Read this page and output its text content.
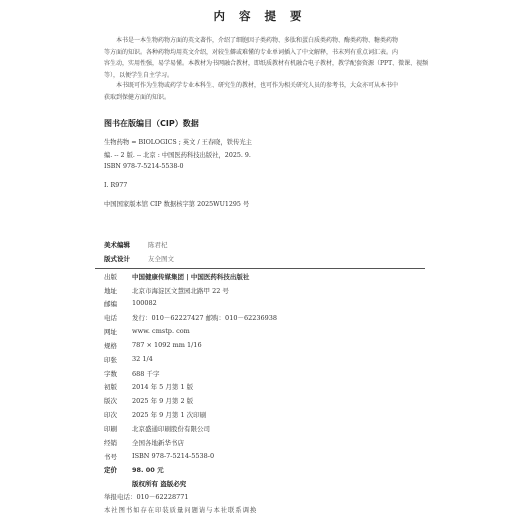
内 容 提 要
本书是一本生物药物方面的英文著作，介绍了细胞因子类药物、多肽和蛋白质类药物、酶类药物、糖类药物
等方面的知识。各种药物均用英文介绍，对较生僻或难懂的专业单词插入了中文解释，书末列有重点词汇表。内
容生动，实用性强，易学易懂。本教材为书网融合教材，即纸质教材有机融合电子教材，教学配套资源（PPT、微课、视频
等），以便学生自主学习。
本书既可作为生物或药学专业本科生、研究生的教材，也可作为相关研究人员的参考书，大众亦可从本书中
获取到保健方面的知识。
图书在版编目（CIP）数据
生物药物 = BIOLOGICS ; 英文 / 王春晓，铁传光主
编. -- 2 版. -- 北京 : 中国医药科技出版社，2025. 9.
ISBN 978-7-5214-5538-0
Ⅰ. R977
中国国家版本馆 CIP 数据核字第 2025WU1295 号
美术编辑	陈君杞
版式设计	友全图文
出版 中国健康传媒集团 | 中国医药科技出版社
地址 北京市海淀区文慧园北路甲 22 号
邮编 100082
电话 发行：010－62227427 邮购：010－62236938
网址 www. cmstp. com
规格 787 × 1092 mm 1/16
印张 32 1/4
字数 688 千字
初版 2014 年 5 月第 1 版
版次 2025 年 9 月第 2 版
印次 2025 年 9 月第 1 次印刷
印刷 北京盛通印刷股份有限公司
经销 全国各地新华书店
书号 ISBN 978-7-5214-5538-0
定价 98. 00 元
版权所有 盗版必究
举报电话：010－62228771
本社图书如存在印装质量问题请与本社联系调换
